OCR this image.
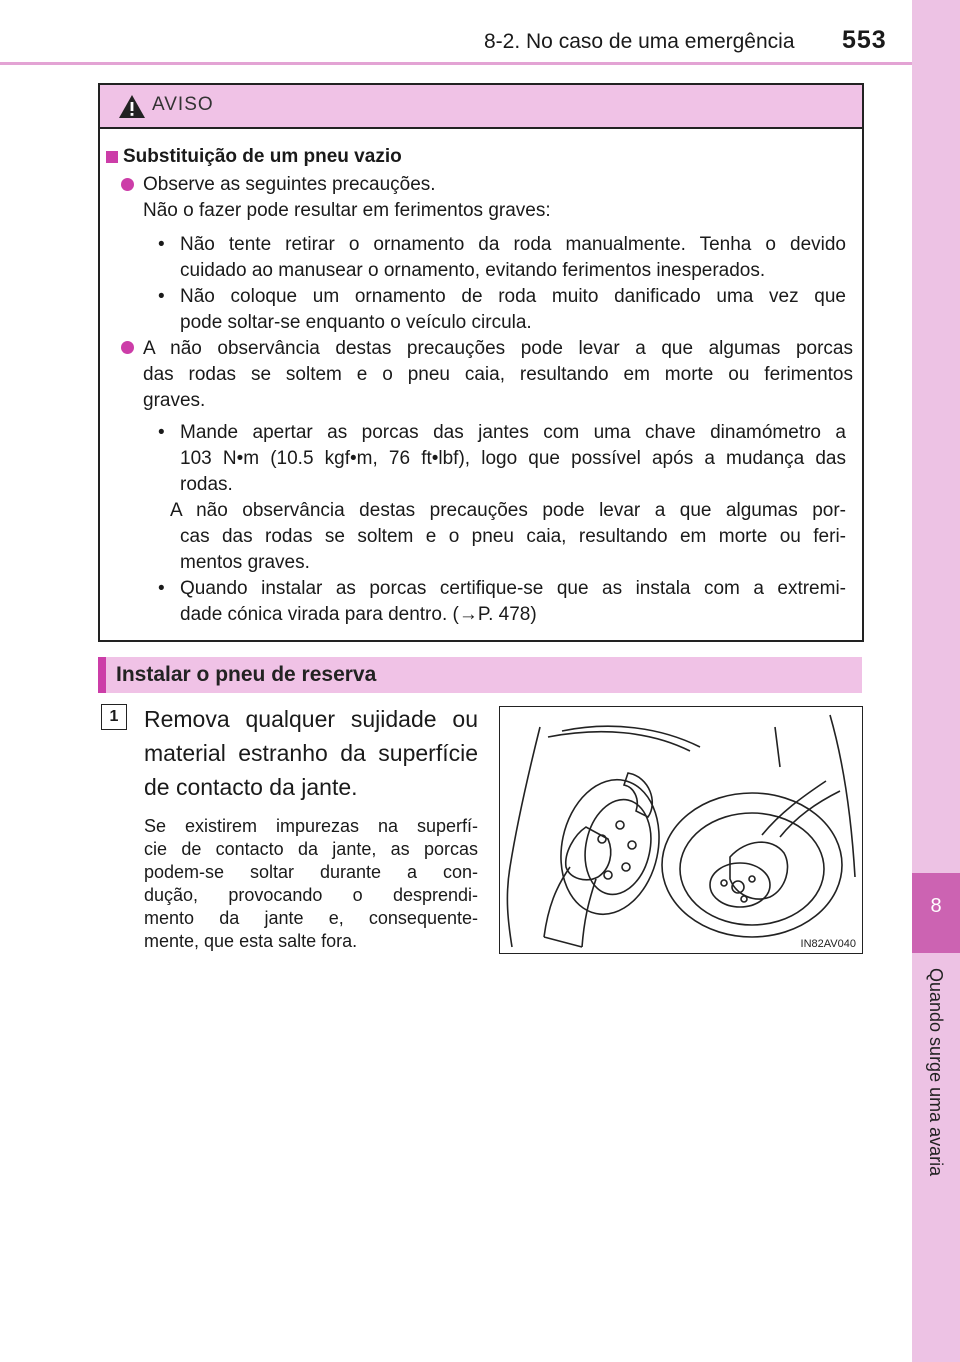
8-2. No caso de uma emergência 553
8
Quando surge uma avaria
AVISO
Substituição de um pneu vazio
Observe as seguintes precauções.
Não o fazer pode resultar em ferimentos graves:
• Não tente retirar o ornamento da roda manualmente. Tenha o devido
cuidado ao manusear o ornamento, evitando ferimentos inesperados.
• Não coloque um ornamento de roda muito danificado uma vez que
pode soltar-se enquanto o veículo circula.
A não observância destas precauções pode levar a que algumas porcas
das rodas se soltem e o pneu caia, resultando em morte ou ferimentos
graves.
• Mande apertar as porcas das jantes com uma chave dinamómetro a
103 N•m (10.5 kgf•m, 76 ft•lbf), logo que possível após a mudança das
rodas.
A não observância destas precauções pode levar a que algumas por-
cas das rodas se soltem e o pneu caia, resultando em morte ou feri-
mentos graves.
• Quando instalar as porcas certifique-se que as instala com a extremi-
dade cónica virada para dentro. (→P. 478)
Instalar o pneu de reserva
1	Remova qualquer sujidade ou
material estranho da superfície
de contacto da jante.
Se existirem impurezas na superfí-
cie de contacto da jante, as porcas
podem-se soltar durante a con-
dução, provocando o desprendi-
mento da jante e, consequente-
mente, que esta salte fora.	IN82AV040
